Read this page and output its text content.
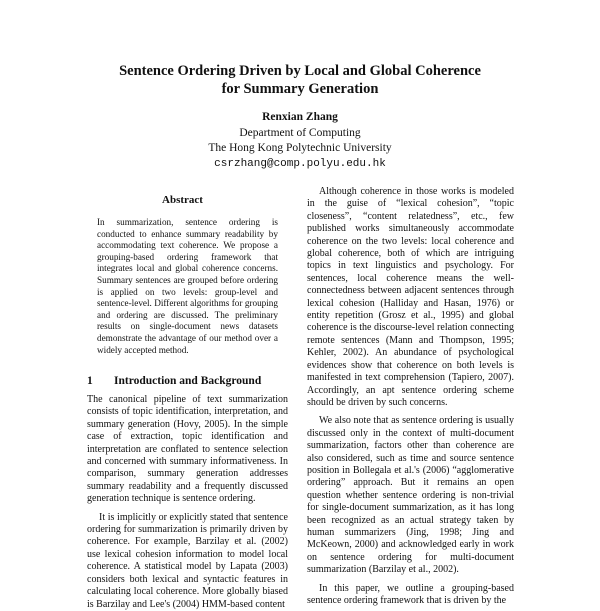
Sentence Ordering Driven by Local and Global Coherence
for Summary Generation
Renxian Zhang
Department of Computing
The Hong Kong Polytechnic University
csrzhang@comp.polyu.edu.hk
Abstract
In summarization, sentence ordering is conducted to enhance summary readability by accommodating text coherence. We propose a grouping-based ordering framework that integrates local and global coherence concerns. Summary sentences are grouped before ordering is applied on two levels: group-level and sentence-level. Different algorithms for grouping and ordering are discussed. The preliminary results on single-document news datasets demonstrate the advantage of our method over a widely accepted method.
1 Introduction and Background

The canonical pipeline of text summarization consists of topic identification, interpretation, and summary generation (Hovy, 2005). In the simple case of extraction, topic identification and interpretation are conflated to sentence selection and concerned with summary informativeness. In comparison, summary generation addresses summary readability and a frequently discussed generation technique is sentence ordering.

It is implicitly or explicitly stated that sentence ordering for summarization is primarily driven by coherence. For example, Barzilay et al. (2002) use lexical cohesion information to model local coherence. A statistical model by Lapata (2003) considers both lexical and syntactic features in calculating local coherence. More globally biased is Barzilay and Lee's (2004) HMM-based content

Although coherence in those works is modeled in the guise of “lexical cohesion”, “topic closeness”, “content relatedness”, etc., few published works simultaneously accommodate coherence on the two levels: local coherence and global coherence, both of which are intriguing topics in text linguistics and psychology. For sentences, local coherence means the well-connectedness between adjacent sentences through lexical cohesion (Halliday and Hasan, 1976) or entity repetition (Grosz et al., 1995) and global coherence is the discourse-level relation connecting remote sentences (Mann and Thompson, 1995; Kehler, 2002). An abundance of psychological evidences show that coherence on both levels is manifested in text comprehension (Tapiero, 2007). Accordingly, an apt sentence ordering scheme should be driven by such concerns.

We also note that as sentence ordering is usually discussed only in the context of multi-document summarization, factors other than coherence are also considered, such as time and source sentence position in Bollegala et al.'s (2006) “agglomerative ordering” approach. But it remains an open question whether sentence ordering is non-trivial for single-document summarization, as it has long been recognized as an actual strategy taken by human summarizers (Jing, 1998; Jing and McKeown, 2000) and acknowledged early in work on sentence ordering for multi-document summarization (Barzilay et al., 2002).

In this paper, we outline a grouping-based sentence ordering framework that is driven by the
